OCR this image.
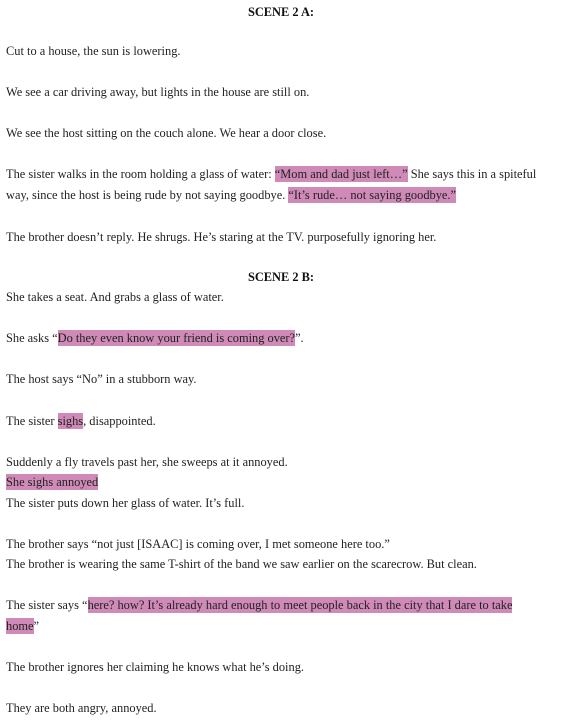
SCENE 2 A:
Cut to a house, the sun is lowering.
We see a car driving away, but lights in the house are still on.
We see the host sitting on the couch alone. We hear a door close.
The sister walks in the room holding a glass of water: “Mom and dad just left…” She says this in a spiteful
way, since the host is being rude by not saying goodbye. “It’s rude… not saying goodbye.”
The brother doesn’t reply. He shrugs. He’s staring at the TV. purposefully ignoring her.
SCENE 2 B:
She takes a seat. And grabs a glass of water.
She asks “Do they even know your friend is coming over?”.
The host says “No” in a stubborn way.
The sister sighs, disappointed.
Suddenly a fly travels past her, she sweeps at it annoyed.
She sighs annoyed
The sister puts down her glass of water. It’s full.
The brother says “not just [ISAAC] is coming over, I met someone here too.”
The brother is wearing the same T-shirt of the band we saw earlier on the scarecrow. But clean.
The sister says “here? how? It’s already hard enough to meet people back in the city that I dare to take
home”
The brother ignores her claiming he knows what he’s doing.
They are both angry, annoyed.
